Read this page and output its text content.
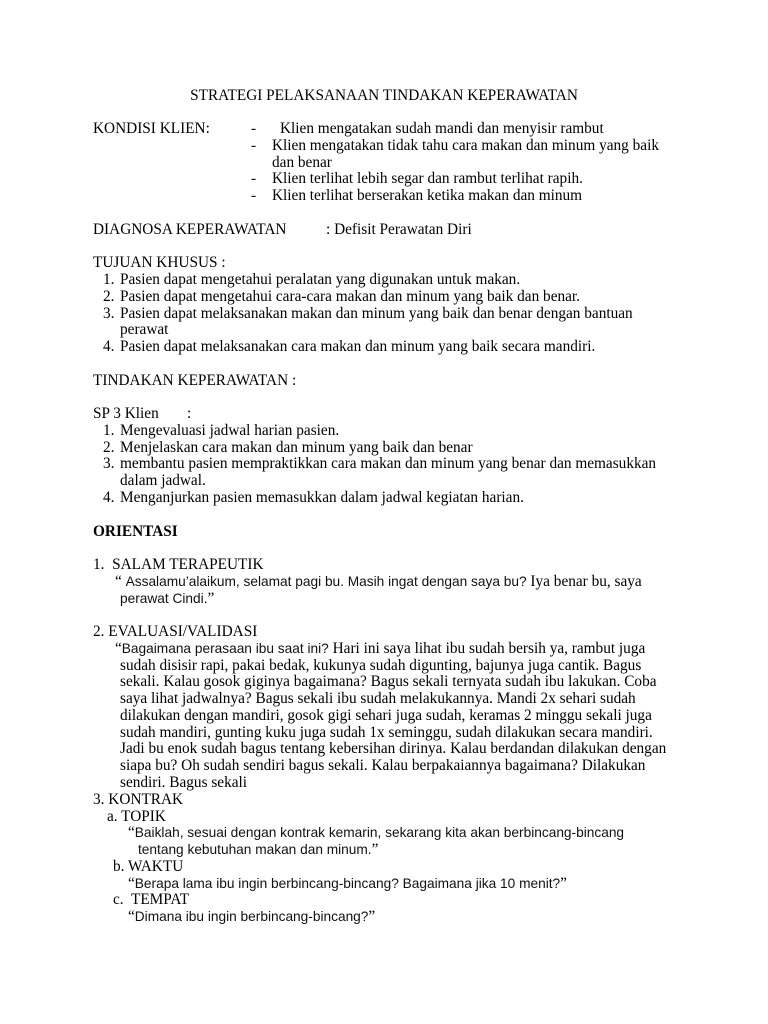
STRATEGI PELAKSANAAN TINDAKAN KEPERAWATAN
KONDISI KLIEN:	- Klien mengatakan sudah mandi dan menyisir rambut
- Klien mengatakan tidak tahu cara makan dan minum yang baik
dan benar
- Klien terlihat lebih segar dan rambut terlihat rapih.
- Klien terlihat berserakan ketika makan dan minum
DIAGNOSA KEPERAWATAN	: Defisit Perawatan Diri
TUJUAN KHUSUS :
1. Pasien dapat mengetahui peralatan yang digunakan untuk makan.
2. Pasien dapat mengetahui cara-cara makan dan minum yang baik dan benar.
3. Pasien dapat melaksanakan makan dan minum yang baik dan benar dengan bantuan
perawat
4. Pasien dapat melaksanakan cara makan dan minum yang baik secara mandiri.
TINDAKAN KEPERAWATAN :
SP 3 Klien :
1. Mengevaluasi jadwal harian pasien.
2. Menjelaskan cara makan dan minum yang baik dan benar
3. membantu pasien mempraktikkan cara makan dan minum yang benar dan memasukkan
dalam jadwal.
4. Menganjurkan pasien memasukkan dalam jadwal kegiatan harian.
ORIENTASI
1.  SALAM TERAPEUTIK
“ Assalamu’alaikum, selamat pagi bu. Masih ingat dengan saya bu? Iya benar bu, saya
perawat Cindi.”
2. EVALUASI/VALIDASI
“Bagaimana perasaan ibu saat ini? Hari ini saya lihat ibu sudah bersih ya, rambut juga
sudah disisir rapi, pakai bedak, kukunya sudah digunting, bajunya juga cantik. Bagus
sekali. Kalau gosok giginya bagaimana? Bagus sekali ternyata sudah ibu lakukan. Coba
saya lihat jadwalnya? Bagus sekali ibu sudah melakukannya. Mandi 2x sehari sudah
dilakukan dengan mandiri, gosok gigi sehari juga sudah, keramas 2 minggu sekali juga
sudah mandiri, gunting kuku juga sudah 1x seminggu, sudah dilakukan secara mandiri.
Jadi bu enok sudah bagus tentang kebersihan dirinya. Kalau berdandan dilakukan dengan
siapa bu? Oh sudah sendiri bagus sekali. Kalau berpakaiannya bagaimana? Dilakukan
sendiri. Bagus sekali
3. KONTRAK
a. TOPIK
“Baiklah, sesuai dengan kontrak kemarin, sekarang kita akan berbincang-bincang
tentang kebutuhan makan dan minum.”
b. WAKTU
“Berapa lama ibu ingin berbincang-bincang? Bagaimana jika 10 menit?”
c.  TEMPAT
“Dimana ibu ingin berbincang-bincang?”
